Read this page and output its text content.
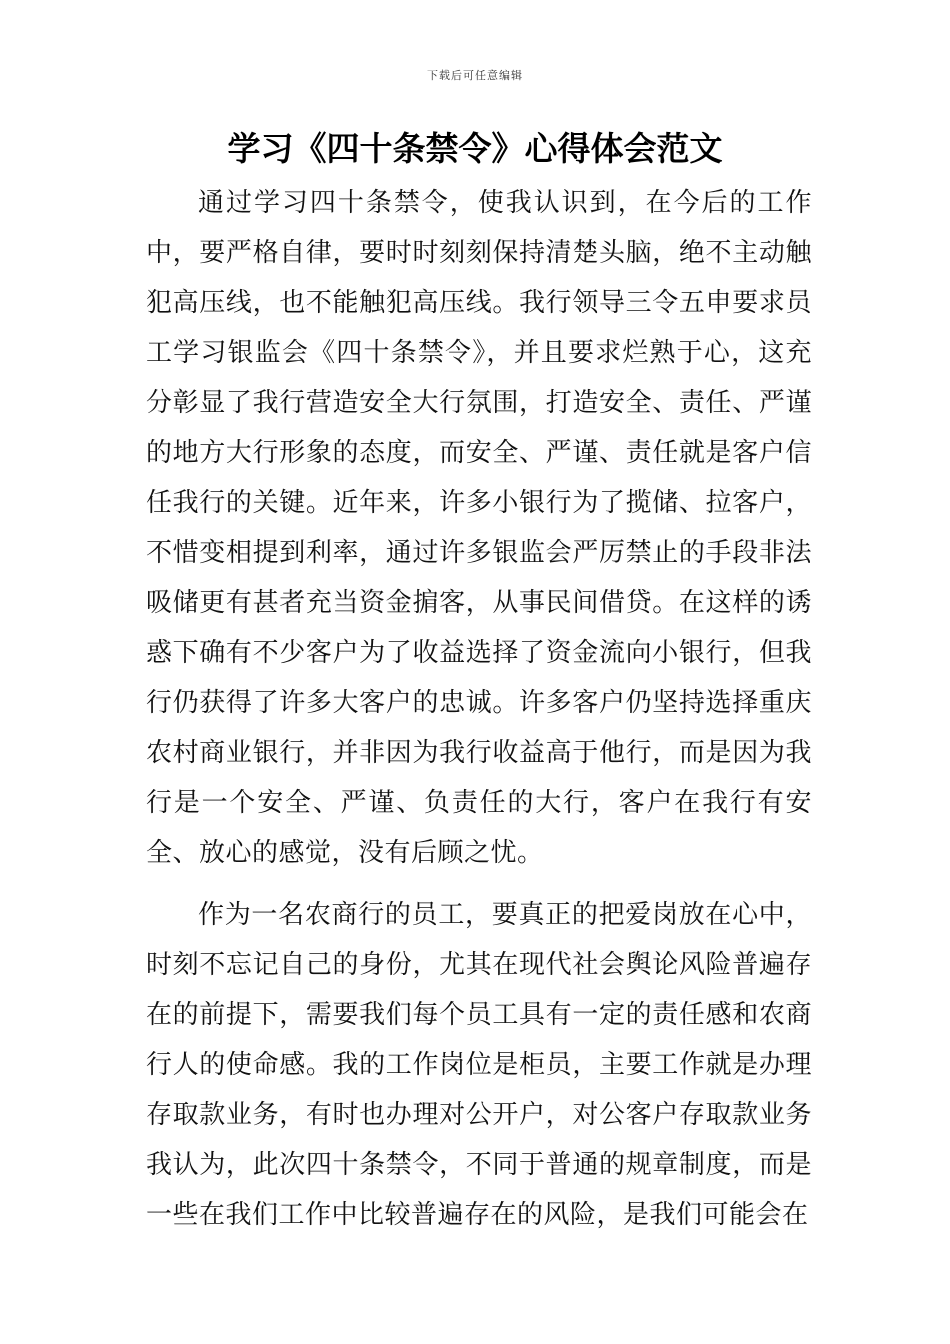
下载后可任意编辑
学习《四十条禁令》心得体会范文

通过学习四十条禁令，使我认识到，在今后的工作中，要严格自律，要时时刻刻保持清楚头脑，绝不主动触犯高压线，也不能触犯高压线。我行领导三令五申要求员工学习银监会《四十条禁令》，并且要求烂熟于心，这充分彰显了我行营造安全大行氛围，打造安全、责任、严谨的地方大行形象的态度，而安全、严谨、责任就是客户信任我行的关键。近年来，许多小银行为了揽储、拉客户，不惜变相提到利率，通过许多银监会严厉禁止的手段非法吸储更有甚者充当资金掮客，从事民间借贷。在这样的诱惑下确有不少客户为了收益选择了资金流向小银行，但我行仍获得了许多大客户的忠诚。许多客户仍坚持选择重庆农村商业银行，并非因为我行收益高于他行，而是因为我行是一个安全、严谨、负责任的大行，客户在我行有安全、放心的感觉，没有后顾之忧。

作为一名农商行的员工，要真正的把爱岗放在心中，时刻不忘记自己的身份，尤其在现代社会舆论风险普遍存在的前提下，需要我们每个员工具有一定的责任感和农商行人的使命感。我的工作岗位是柜员，主要工作就是办理存取款业务，有时也办理对公开户，对公客户存取款业务我认为，此次四十条禁令，不同于普通的规章制度，而是一些在我们工作中比较普遍存在的风险，是我们可能会在
